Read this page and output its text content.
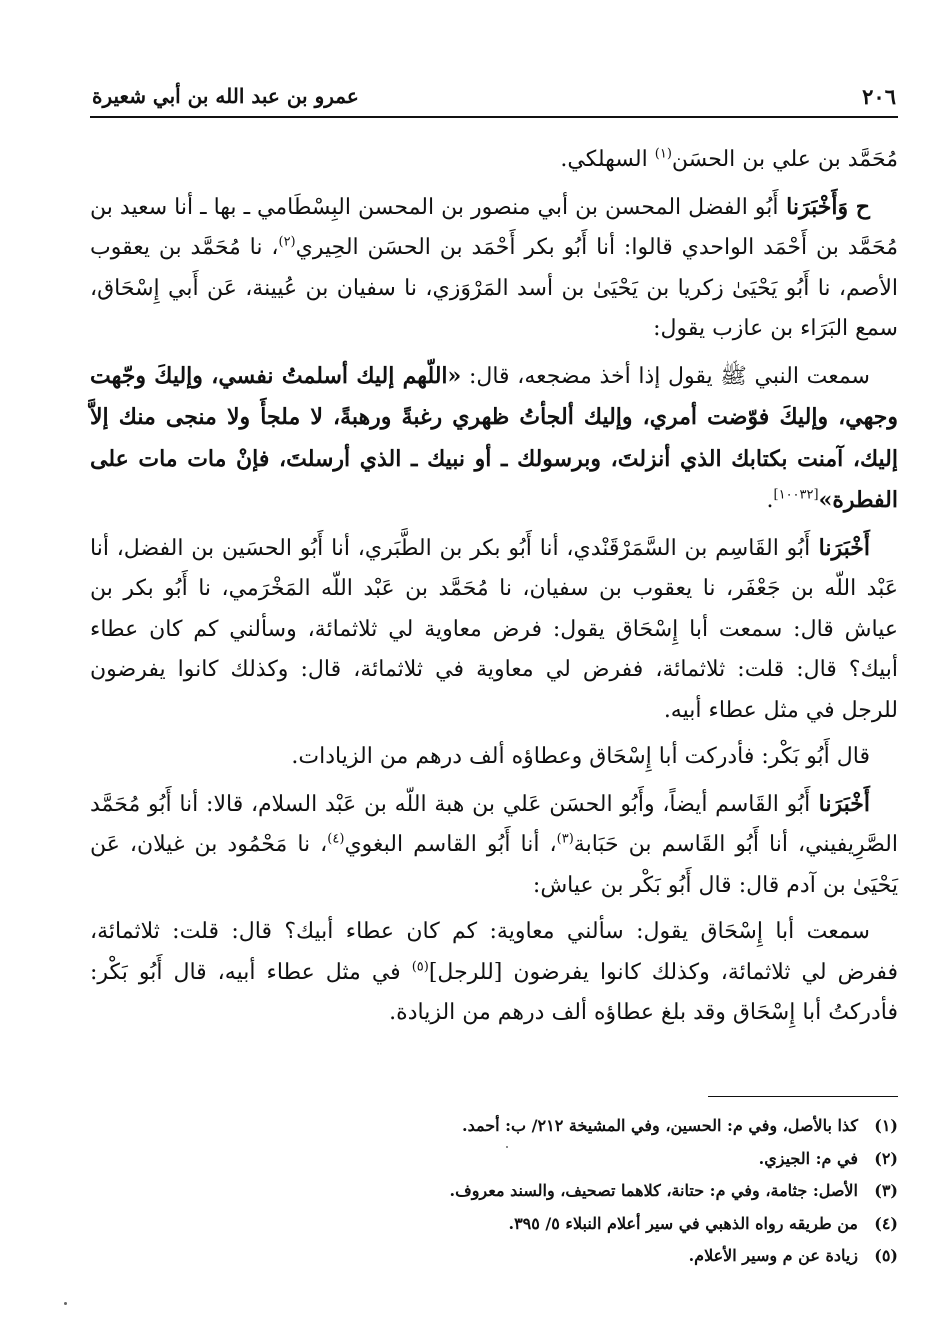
٢٠٦
عمرو بن عبد الله بن أبي شعيرة

مُحَمَّد بن علي بن الحسَن$^{(١)}$ السهلكي.

ح وَأَخْبَرَنا أَبُو الفضل المحسن بن أبي منصور بن المحسن البِسْطَامي ـ بها ـ أنا سعيد بن مُحَمَّد بن أَحْمَد الواحدي قالوا: أنا أَبُو بكر أَحْمَد بن الحسَن الحِيري$^{(٢)}$، نا مُحَمَّد بن يعقوب الأصم، نا أَبُو يَحْيَىٰ زكريا بن يَحْيَىٰ بن أسد المَرْوَزي، نا سفيان بن عُيينة، عَن أَبي إِسْحَاق، سمع البَرَاء بن عازب يقول:

سمعت النبي ﷺ يقول إذا أخذ مضجعه، قال: «اللّهم إليك أسلمتُ نفسي، وإليكَ وجّهت وجهي، وإليكَ فوّضت أمري، وإليك ألجأتُ ظهري رغبةً ورهبةً، لا ملجأَ ولا منجى منك إلاَّ إليك، آمنت بكتابك الذي أنزلتَ، وبرسولك ـ أو نبيك ـ الذي أرسلتَ، فإنْ مات مات على الفطرة»[١٠٠٣٢].

أَخْبَرَنا أَبُو القَاسِم بن السَّمَرْقَنْدي، أنا أَبُو بكر بن الطَّبَري، أنا أَبُو الحسَين بن الفضل، أنا عَبْد اللّه بن جَعْفَر، نا يعقوب بن سفيان، نا مُحَمَّد بن عَبْد اللّه المَخْرَمي، نا أَبُو بكر بن عياش قال: سمعت أبا إِسْحَاق يقول: فرض معاوية لي ثلاثمائة، وسألني كم كان عطاء أبيك؟ قال: قلت: ثلاثمائة، ففرض لي معاوية في ثلاثمائة، قال: وكذلك كانوا يفرضون للرجل في مثل عطاء أبيه.

قال أَبُو بَكْر: فأدركت أبا إِسْحَاق وعطاؤه ألف درهم من الزيادات.

أَخْبَرَنا أَبُو القَاسم أيضاً، وأَبُو الحسَن عَلي بن هبة اللّه بن عَبْد السلام، قالا: أنا أَبُو مُحَمَّد الصَّرِيفيني، أنا أَبُو القَاسم بن حَبَابة$^{(٣)}$، أنا أَبُو القاسم البغوي$^{(٤)}$، نا مَحْمُود بن غيلان، عَن يَحْيَىٰ بن آدم قال: قال أَبُو بَكْر بن عياش:

سمعت أبا إِسْحَاق يقول: سألني معاوية: كم كان عطاء أبيك؟ قال: قلت: ثلاثمائة، ففرض لي ثلاثمائة، وكذلك كانوا يفرضون [للرجل]$^{(٥)}$ في مثل عطاء أبيه، قال أَبُو بَكْر: فأدركتُ أبا إِسْحَاق وقد بلغ عطاؤه ألف درهم من الزيادة.

(١)كذا بالأصل، وفي م: الحسين، وفي المشيخة ٢١٢/ ب: أحمد.
(٢)في م: الجيزي.
(٣)الأصل: جثامة، وفي م: حتانة، كلاهما تصحيف، والسند معروف.
(٤)من طريقه رواه الذهبي في سير أعلام النبلاء ٥/ ٣٩٥.
(٥)زيادة عن م وسير الأعلام.
